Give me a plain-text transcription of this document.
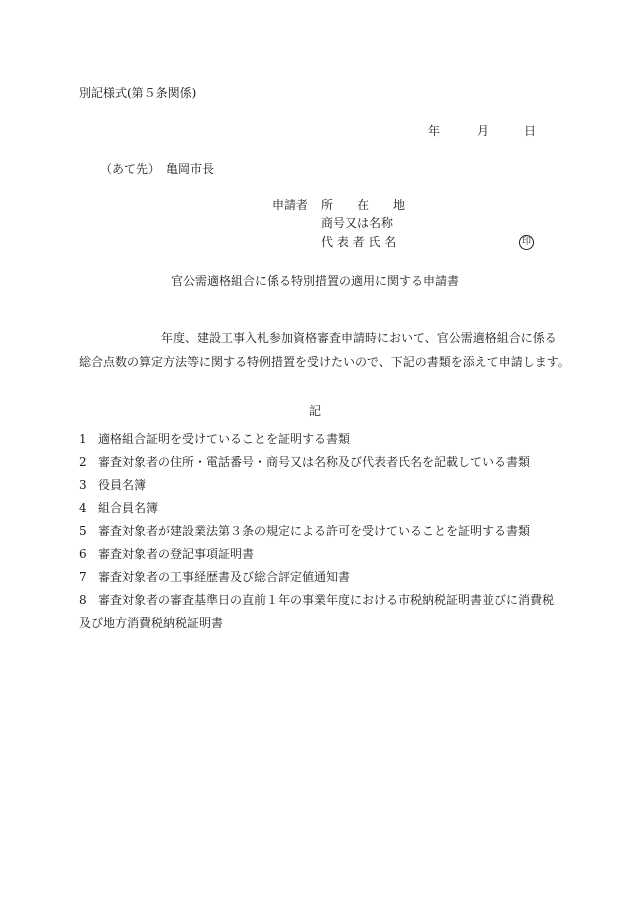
別記様式(第５条関係)
年	月	日
（あて先）　亀岡市長
申請者 所　　在　　地
商号又は名称
代 表 者 氏 名	印
官公需適格組合に係る特別措置の適用に関する申請書
年度、建設工事入札参加資格審査申請時において、官公需適格組合に係る
総合点数の算定方法等に関する特例措置を受けたいので、下記の書類を添えて申請します。
記
1 適格組合証明を受けていることを証明する書類
2 審査対象者の住所・電話番号・商号又は名称及び代表者氏名を記載している書類
3 役員名簿
4 組合員名簿
5 審査対象者が建設業法第３条の規定による許可を受けていることを証明する書類
6 審査対象者の登記事項証明書
7 審査対象者の工事経歴書及び総合評定値通知書
8 審査対象者の審査基準日の直前１年の事業年度における市税納税証明書並びに消費税及び地方消費税納税証明書
